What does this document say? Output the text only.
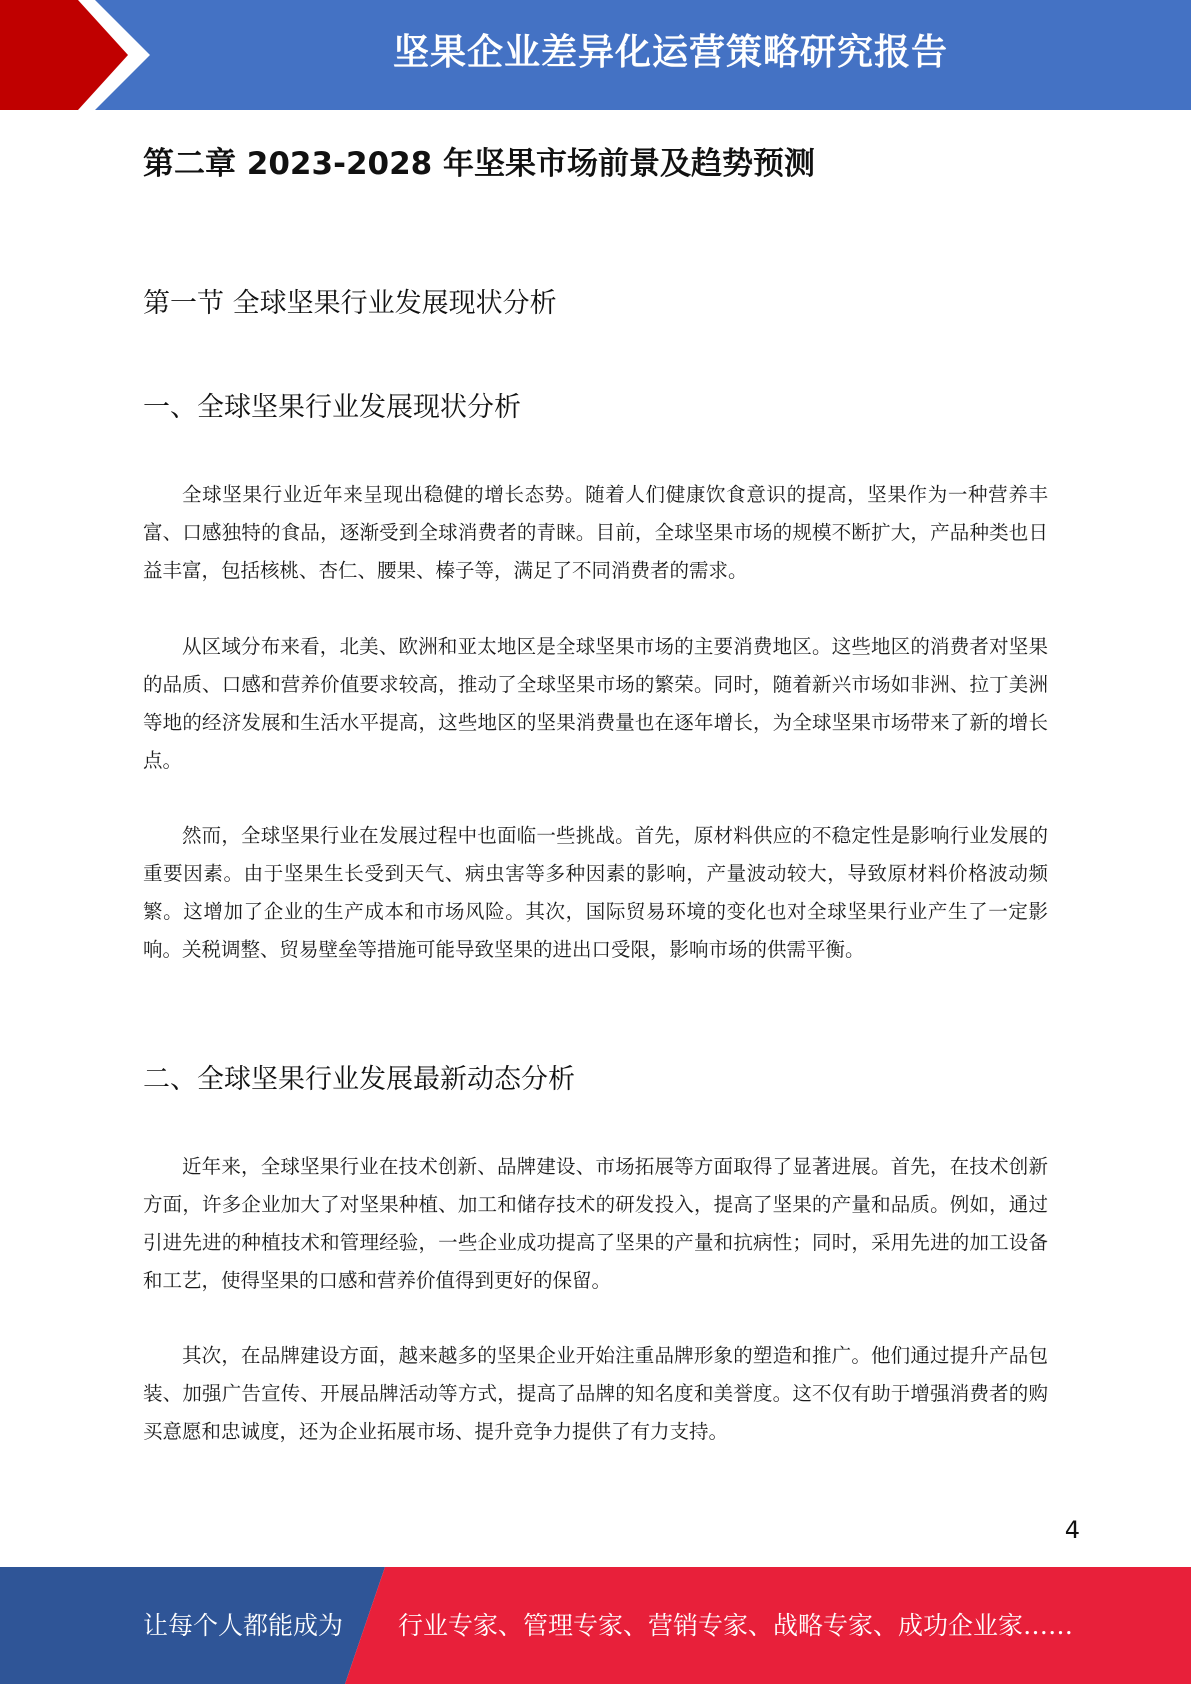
坚果企业差异化运营策略研究报告
第二章 2023-2028 年坚果市场前景及趋势预测
第一节 全球坚果行业发展现状分析
一、全球坚果行业发展现状分析

全球坚果行业近年来呈现出稳健的增长态势。随着人们健康饮食意识的提高，坚果作为一种营养丰富、口感独特的食品，逐渐受到全球消费者的青睐。目前，全球坚果市场的规模不断扩大，产品种类也日益丰富，包括核桃、杏仁、腰果、榛子等，满足了不同消费者的需求。

从区域分布来看，北美、欧洲和亚太地区是全球坚果市场的主要消费地区。这些地区的消费者对坚果的品质、口感和营养价值要求较高，推动了全球坚果市场的繁荣。同时，随着新兴市场如非洲、拉丁美洲等地的经济发展和生活水平提高，这些地区的坚果消费量也在逐年增长，为全球坚果市场带来了新的增长点。

然而，全球坚果行业在发展过程中也面临一些挑战。首先，原材料供应的不稳定性是影响行业发展的重要因素。由于坚果生长受到天气、病虫害等多种因素的影响，产量波动较大，导致原材料价格波动频繁。这增加了企业的生产成本和市场风险。其次，国际贸易环境的变化也对全球坚果行业产生了一定影响。关税调整、贸易壁垒等措施可能导致坚果的进出口受限，影响市场的供需平衡。

二、全球坚果行业发展最新动态分析

近年来，全球坚果行业在技术创新、品牌建设、市场拓展等方面取得了显著进展。首先，在技术创新方面，许多企业加大了对坚果种植、加工和储存技术的研发投入，提高了坚果的产量和品质。例如，通过引进先进的种植技术和管理经验，一些企业成功提高了坚果的产量和抗病性；同时，采用先进的加工设备和工艺，使得坚果的口感和营养价值得到更好的保留。

其次，在品牌建设方面，越来越多的坚果企业开始注重品牌形象的塑造和推广。他们通过提升产品包装、加强广告宣传、开展品牌活动等方式，提高了品牌的知名度和美誉度。这不仅有助于增强消费者的购买意愿和忠诚度，还为企业拓展市场、提升竞争力提供了有力支持。

4
让每个人都能成为 行业专家、管理专家、营销专家、战略专家、成功企业家……
